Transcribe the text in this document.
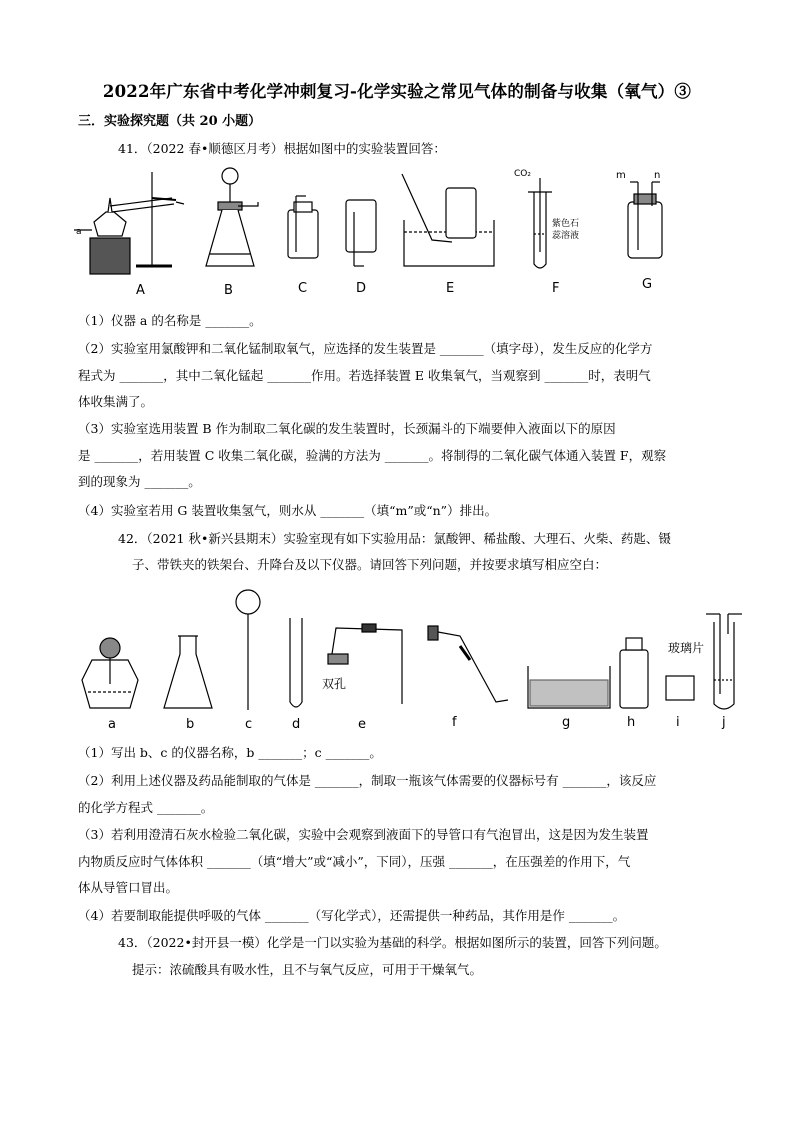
2022年广东省中考化学冲刺复习-化学实验之常见气体的制备与收集（氧气）③
三．实验探究题（共 20 小题）
41．（2022 春•顺德区月考）根据如图中的实验装置回答：
a
A	B	C	D	E	F	G
CO₂
紫色石
蕊溶液
m	n
（1）仪器 a 的名称是 _______。
（2）实验室用氯酸钾和二氧化锰制取氧气，应选择的发生装置是 _______（填字母），发生反应的化学方
程式为 _______，其中二氧化锰起 _______作用。若选择装置 E 收集氧气，当观察到 _______时，表明气
体收集满了。
（3）实验室选用装置 B 作为制取二氧化碳的发生装置时，长颈漏斗的下端要伸入液面以下的原因
是 _______，若用装置 C 收集二氧化碳，验满的方法为 _______。将制得的二氧化碳气体通入装置 F，观察
到的现象为 _______。
（4）实验室若用 G 装置收集氢气，则水从 _______（填“m”或“n”）排出。
42．（2021 秋•新兴县期末）实验室现有如下实验用品：氯酸钾、稀盐酸、大理石、火柴、药匙、镊
子、带铁夹的铁架台、升降台及以下仪器。请回答下列问题，并按要求填写相应空白：
a	b	c	d	e	f	g	h	i	j
双孔
玻璃片
（1）写出 b、c 的仪器名称，b _______；c _______。
（2）利用上述仪器及药品能制取的气体是 _______，制取一瓶该气体需要的仪器标号有 _______，该反应
的化学方程式 _______。
（3）若利用澄清石灰水检验二氧化碳，实验中会观察到液面下的导管口有气泡冒出，这是因为发生装置
内物质反应时气体体积 _______（填“增大”或“减小”，下同），压强 _______，在压强差的作用下，气
体从导管口冒出。
（4）若要制取能提供呼吸的气体 _______（写化学式），还需提供一种药品，其作用是作 _______。
43．（2022•封开县一模）化学是一门以实验为基础的科学。根据如图所示的装置，回答下列问题。
提示：浓硫酸具有吸水性，且不与氧气反应，可用于干燥氧气。
